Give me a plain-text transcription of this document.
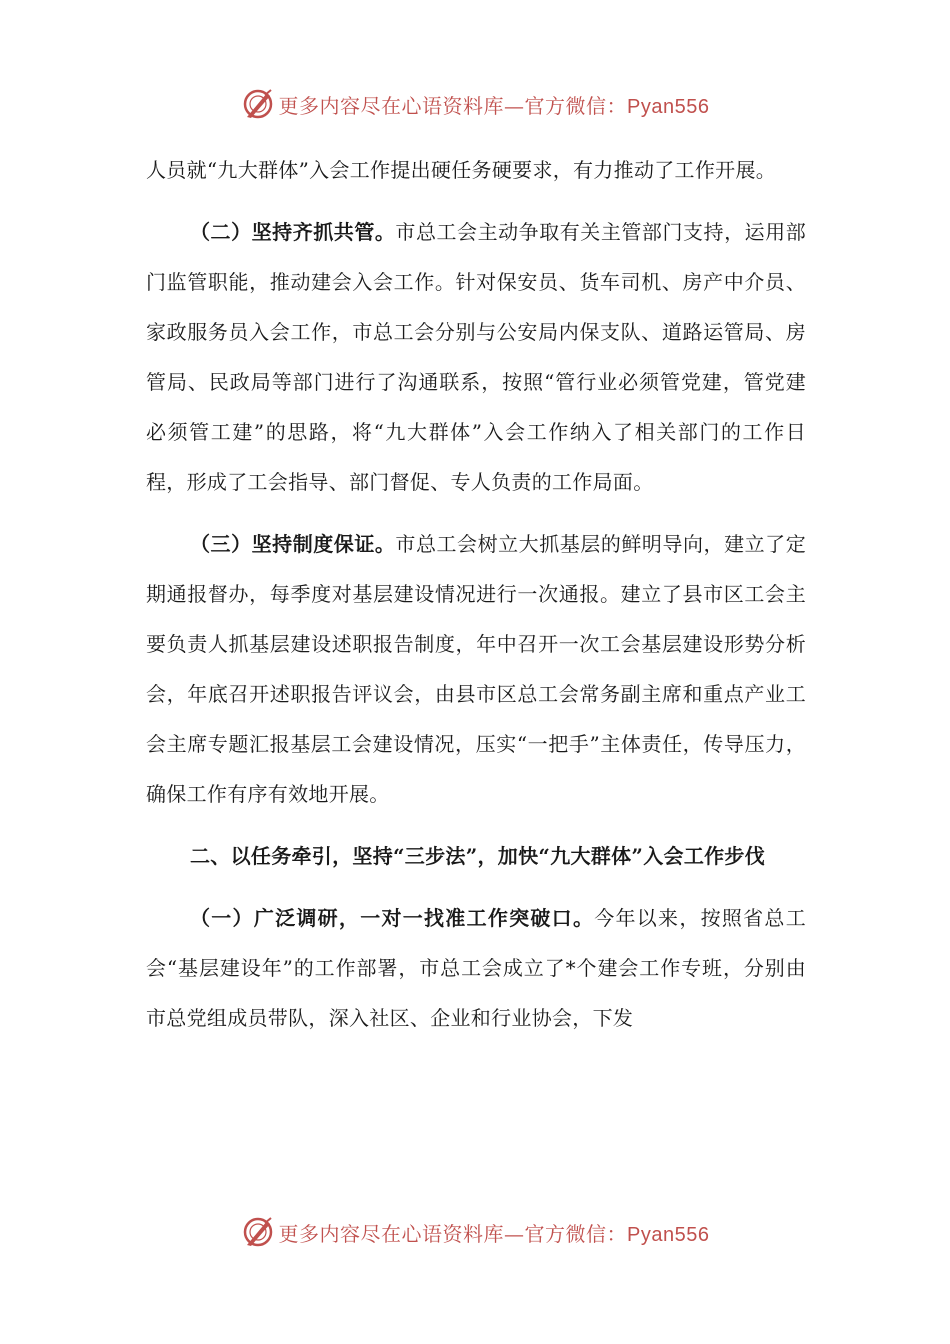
更多内容尽在心语资料库—官方微信：Pyan556

人员就“九大群体”入会工作提出硬任务硬要求，有力推动了工作开展。

（二）坚持齐抓共管。市总工会主动争取有关主管部门支持，运用部门监管职能，推动建会入会工作。针对保安员、货车司机、房产中介员、家政服务员入会工作，市总工会分别与公安局内保支队、道路运管局、房管局、民政局等部门进行了沟通联系，按照“管行业必须管党建，管党建必须管工建”的思路，将“九大群体”入会工作纳入了相关部门的工作日程，形成了工会指导、部门督促、专人负责的工作局面。

（三）坚持制度保证。市总工会树立大抓基层的鲜明导向，建立了定期通报督办，每季度对基层建设情况进行一次通报。建立了县市区工会主要负责人抓基层建设述职报告制度，年中召开一次工会基层建设形势分析会，年底召开述职报告评议会，由县市区总工会常务副主席和重点产业工会主席专题汇报基层工会建设情况，压实“一把手”主体责任，传导压力，确保工作有序有效地开展。

二、以任务牵引，坚持“三步法”，加快“九大群体”入会工作步伐

（一）广泛调研，一对一找准工作突破口。今年以来，按照省总工会“基层建设年”的工作部署，市总工会成立了*个建会工作专班，分别由市总党组成员带队，深入社区、企业和行业协会，下发

更多内容尽在心语资料库—官方微信：Pyan556
